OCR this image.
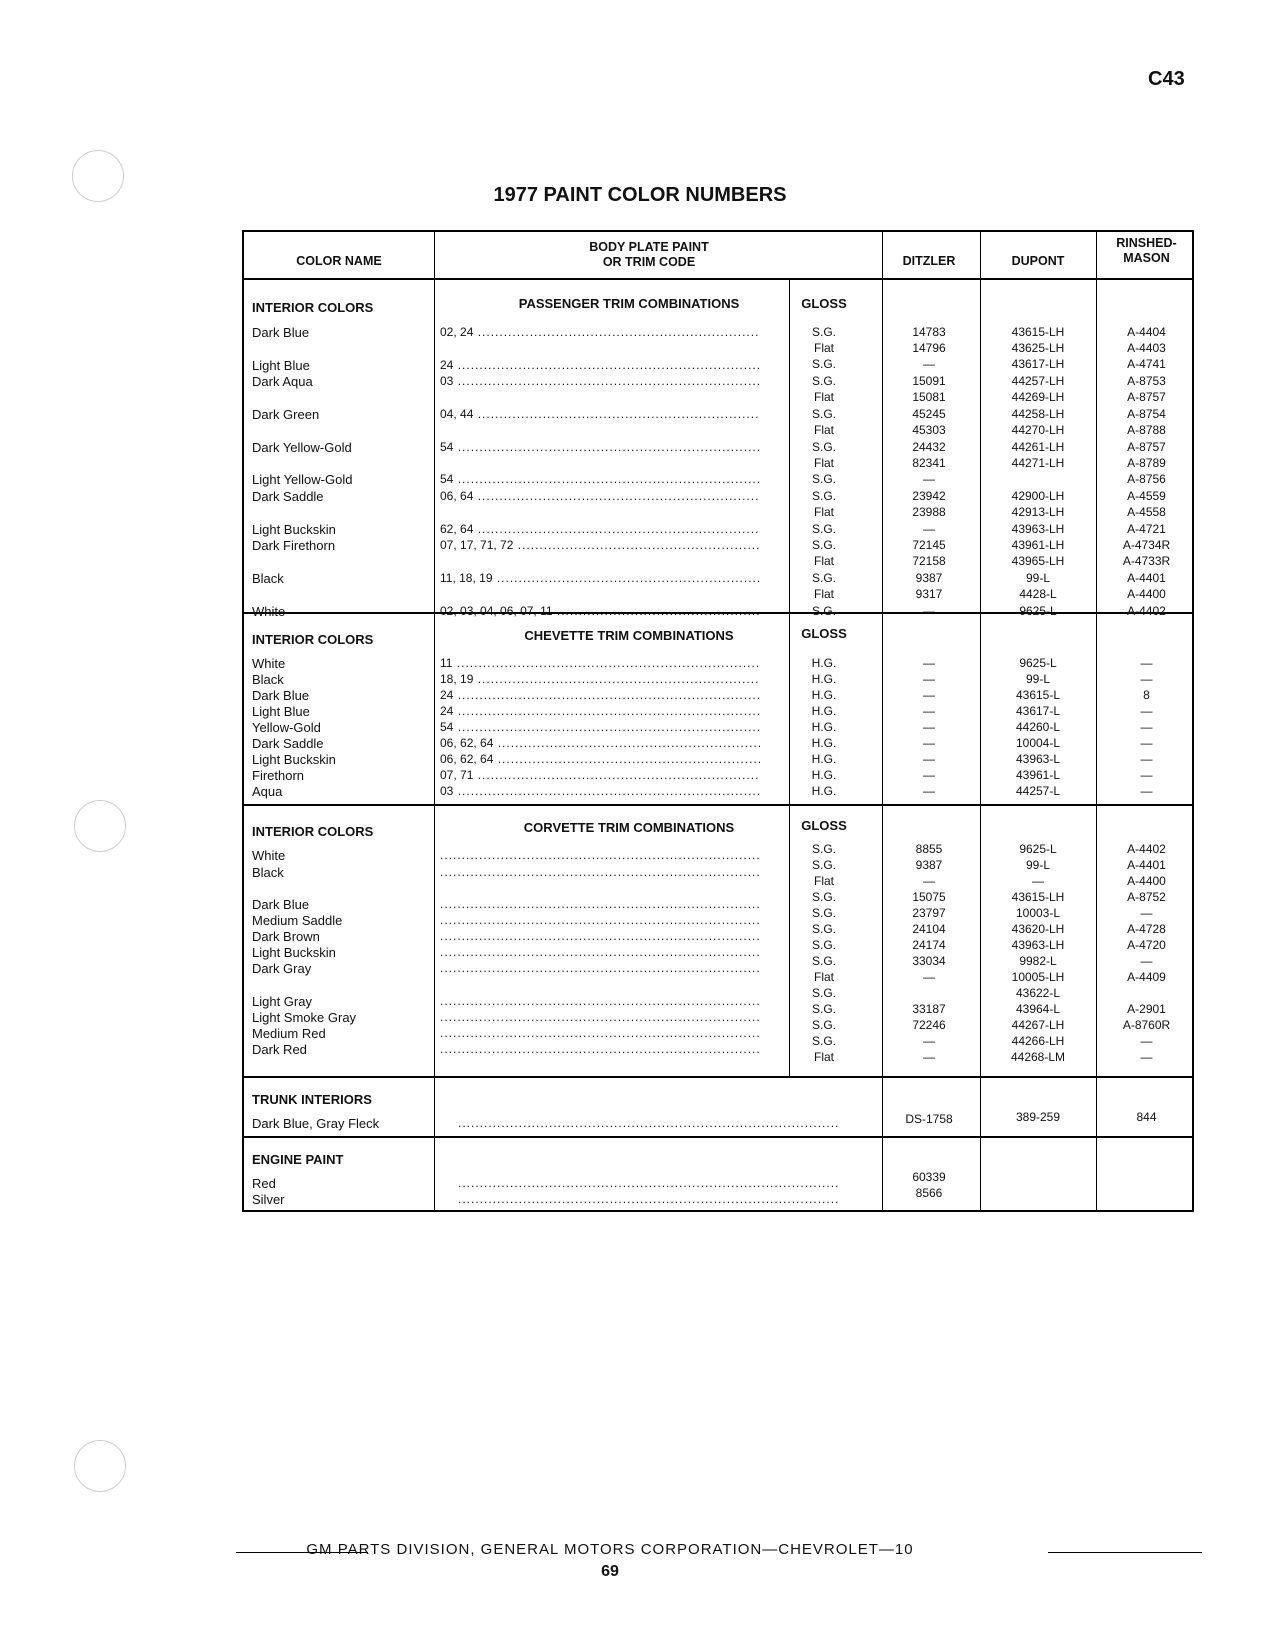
C43
1977 PAINT COLOR NUMBERS
COLOR NAME
BODY PLATE PAINT
OR TRIM CODE	DITZLER	DUPONT
RINSHED-
MASON
INTERIOR COLORS	PASSENGER TRIM COMBINATIONS	GLOSS
Dark Blue
Light Blue
Dark Aqua
Dark Green
Dark Yellow-Gold
Light Yellow-Gold
Dark Saddle
Light Buckskin
Dark Firethorn
Black
White
02, 24 .....
24 .....
03 .....
04, 44 .....
54 .....
54 .....
06, 64 .....
62, 64 .....
07, 17, 71, 72 .....
11, 18, 19 .....
02, 03, 04, 06, 07, 11 .....
S.G.
Flat
S.G.
S.G.
Flat
S.G.
Flat
S.G.
Flat
S.G.
S.G.
Flat
S.G.
S.G.
Flat
S.G.
Flat
S.G.
14783
14796
—
15091
15081
45245
45303
24432
82341
—
23942
23988
—
72145
72158
9387
9317
—
43615-LH
43625-LH
43617-LH
44257-LH
44269-LH
44258-LH
44270-LH
44261-LH
44271-LH
42900-LH
42913-LH
43963-LH
43961-LH
43965-LH
99-L
4428-L
9625-L
A-4404
A-4403
A-4741
A-8753
A-8757
A-8754
A-8788
A-8757
A-8789
A-8756
A-4559
A-4558
A-4721
A-4734R
A-4733R
A-4401
A-4400
A-4402
INTERIOR COLORS	CHEVETTE TRIM COMBINATIONS	GLOSS
White
Black
Dark Blue
Light Blue
Yellow-Gold
Dark Saddle
Light Buckskin
Firethorn
Aqua
11 .....
18, 19 .....
24 .....
24 .....
54 .....
06, 62, 64 .....
06, 62, 64 .....
07, 71 .....
03 .....
H.G.
H.G.
H.G.
H.G.
H.G.
H.G.
H.G.
H.G.
H.G.
—
—
—
—
—
—
—
—
—
9625-L
99-L
43615-L
43617-L
44260-L
10004-L
43963-L
43961-L
44257-L
—
—
8
—
—
—
—
—
—
INTERIOR COLORS	CORVETTE TRIM COMBINATIONS	GLOSS
White
Black
Dark Blue
Medium Saddle
Dark Brown
Light Buckskin
Dark Gray
Light Gray
Light Smoke Gray
Medium Red
Dark Red
.....
.....
.....
.....
.....
.....
.....
.....
.....
.....
.....
S.G.
S.G.
Flat
S.G.
S.G.
S.G.
S.G.
S.G.
Flat
S.G.
S.G.
S.G.
S.G.
Flat
8855
9387
—
15075
23797
24104
24174
33034
—
33187
72246
—
—
9625-L
99-L
—
43615-LH
10003-L
43620-LH
43963-LH
9982-L
10005-LH
43622-L
43964-L
44267-LH
44266-LH
44268-LM
A-4402
A-4401
A-4400
A-8752
—
A-4728
A-4720
—
A-4409
A-2901
A-8760R
—
—
TRUNK INTERIORS
Dark Blue, Gray Fleck
.....	DS-1758	389-259	844
ENGINE PAINT
Red
Silver
.....
.....
60339
8566
GM PARTS DIVISION, GENERAL MOTORS CORPORATION—CHEVROLET—10
69
